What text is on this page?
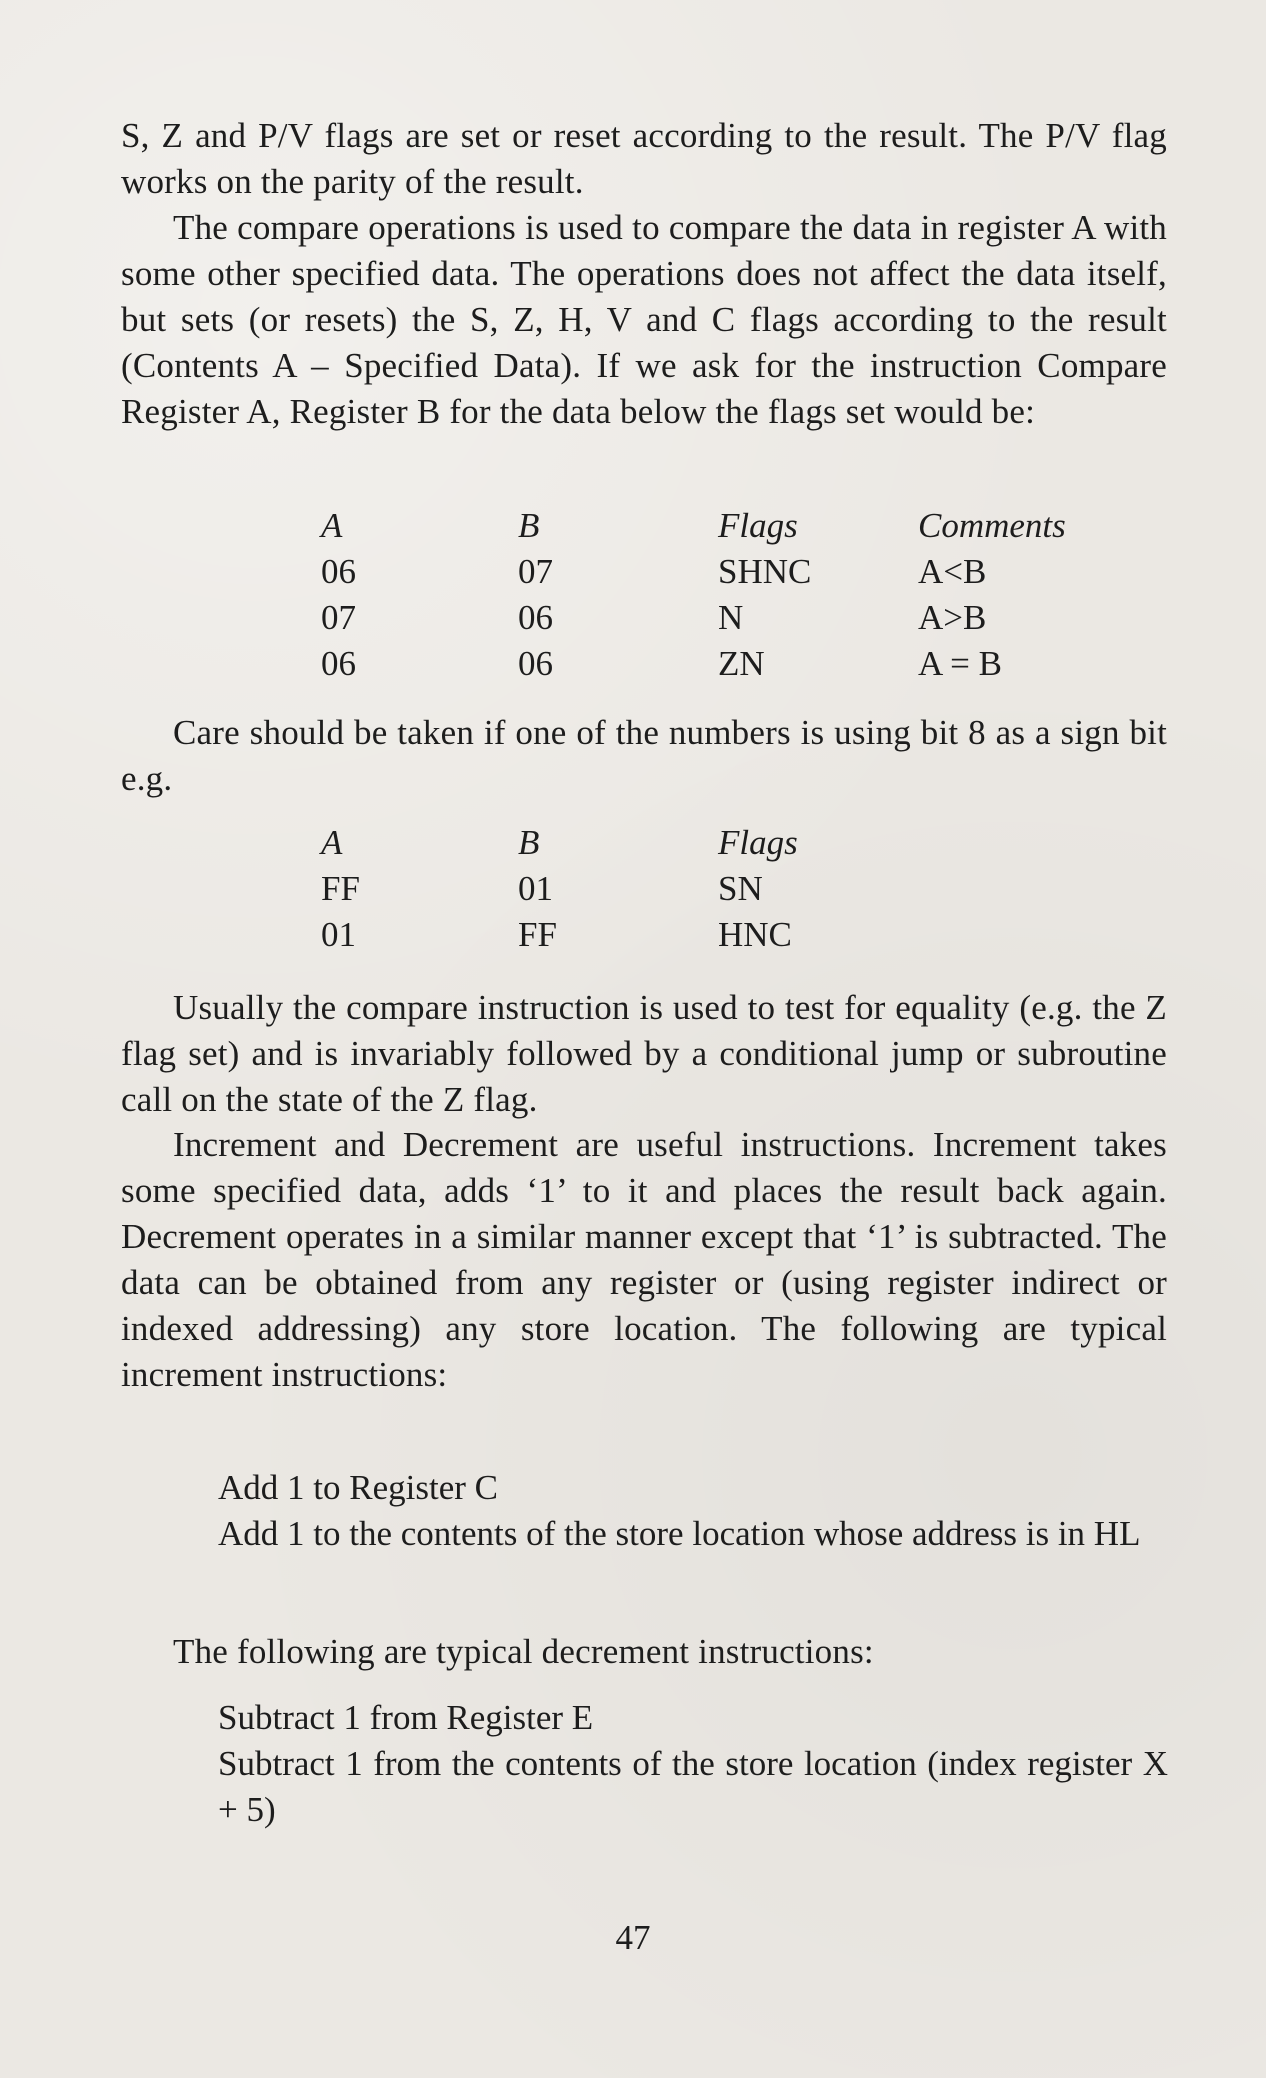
S, Z and P/V flags are set or reset according to the result. The P/V flag works on the parity of the result.
The compare operations is used to compare the data in register A with some other specified data. The operations does not affect the data itself, but sets (or resets) the S, Z, H, V and C flags according to the result (Contents A – Specified Data). If we ask for the instruction Compare Register A, Register B for the data below the flags set would be:
A	B	Flags	Comments
06	07	SHNC	A<B
07	06	N	A>B
06	06	ZN	A = B
Care should be taken if one of the numbers is using bit 8 as a sign bit e.g.
A	B	Flags
FF	01	SN
01	FF	HNC
Usually the compare instruction is used to test for equality (e.g. the Z flag set) and is invariably followed by a conditional jump or subroutine call on the state of the Z flag.
Increment and Decrement are useful instructions. Increment takes some specified data, adds ‘1’ to it and places the result back again. Decrement operates in a similar manner except that ‘1’ is subtracted. The data can be obtained from any register or (using register indirect or indexed addressing) any store location. The following are typical increment instructions:
Add 1 to Register C
Add 1 to the contents of the store location whose address is in HL
The following are typical decrement instructions:
Subtract 1 from Register E
Subtract 1 from the contents of the store location (index register X + 5)
47
